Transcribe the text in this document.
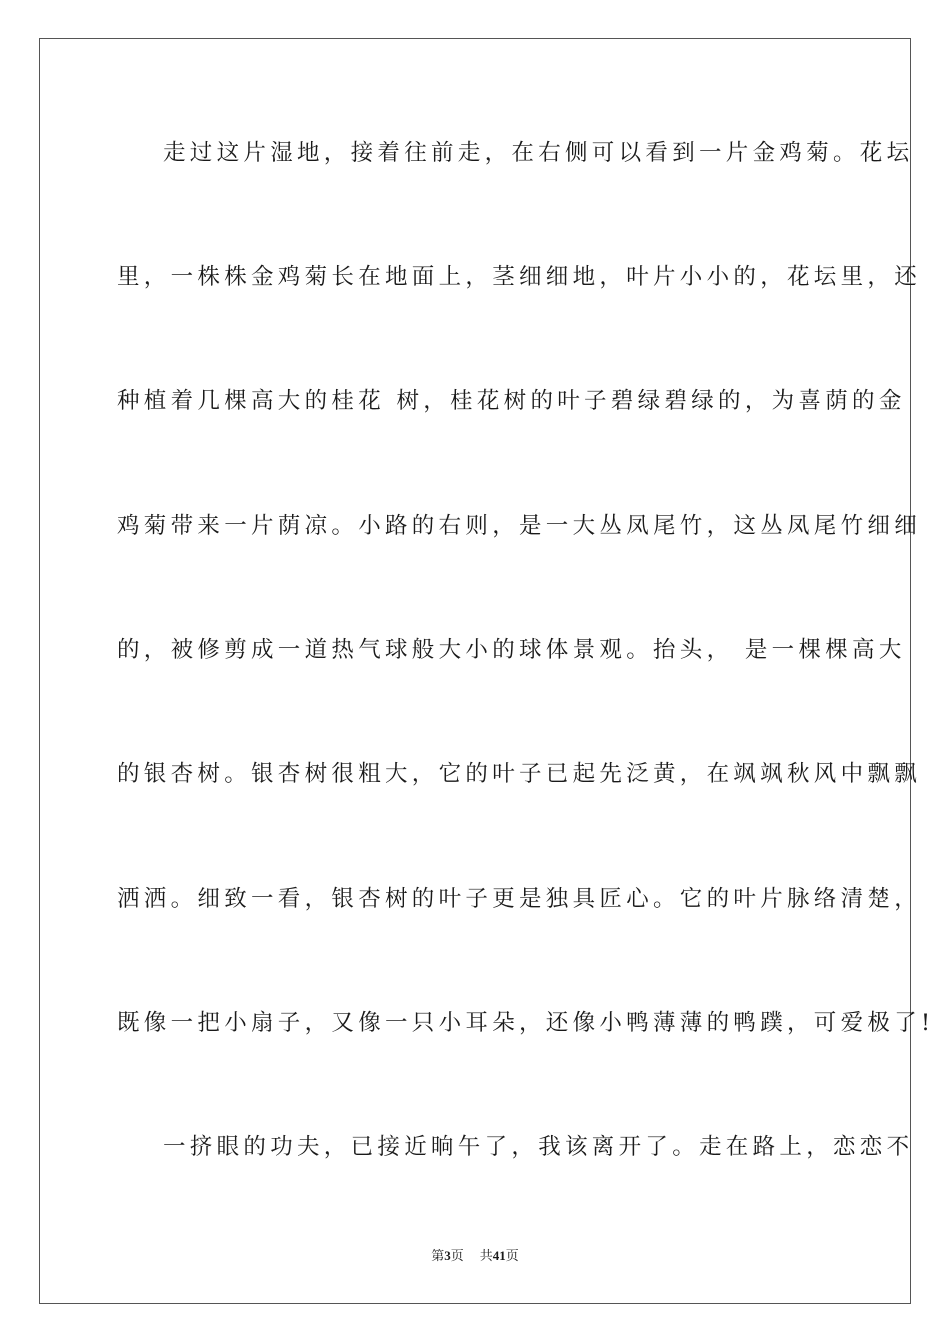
走过这片湿地，接着往前走，在右侧可以看到一片金鸡菊。花坛
里，一株株金鸡菊长在地面上，茎细细地，叶片小小的，花坛里，还
种植着几棵高大的桂花 树，桂花树的叶子碧绿碧绿的，为喜荫的金
鸡菊带来一片荫凉。小路的右则，是一大丛凤尾竹，这丛凤尾竹细细
的，被修剪成一道热气球般大小的球体景观。抬头， 是一棵棵高大
的银杏树。银杏树很粗大，它的叶子已起先泛黄，在飒飒秋风中飘飘
洒洒。细致一看，银杏树的叶子更是独具匠心。它的叶片脉络清楚，
既像一把小扇子，又像一只小耳朵，还像小鸭薄薄的鸭蹼，可爱极了!
一挤眼的功夫，已接近晌午了，我该离开了。走在路上，恋恋不
第3页 共41页
